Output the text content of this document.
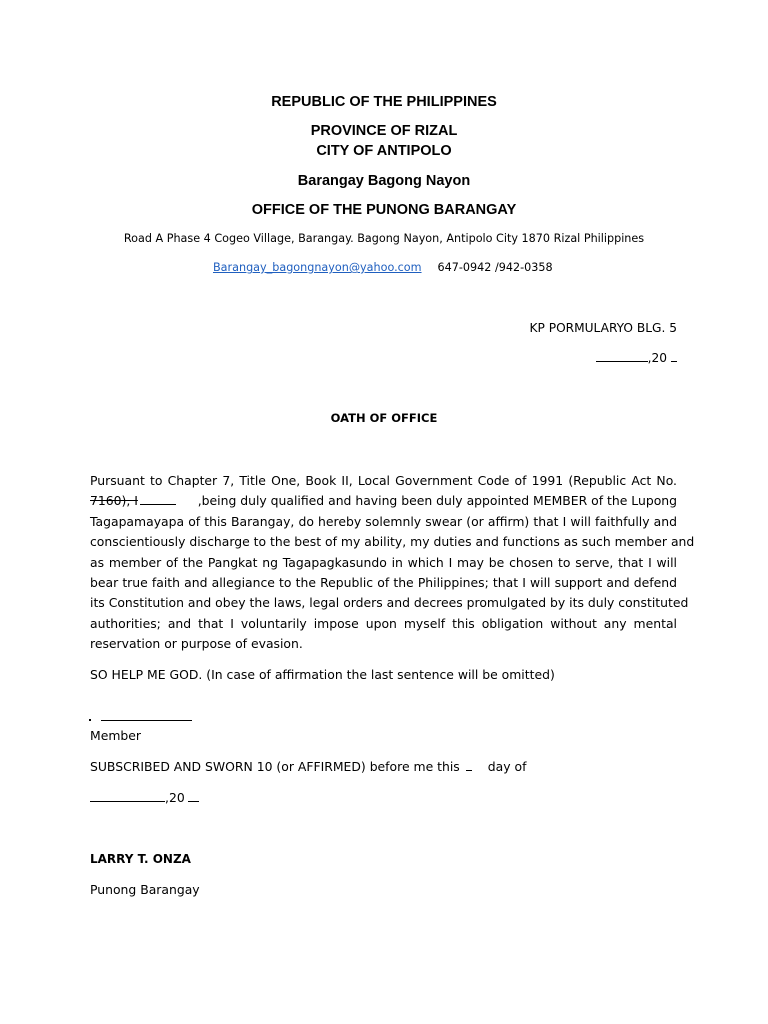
REPUBLIC OF THE PHILIPPINES
PROVINCE OF RIZAL
CITY OF ANTIPOLO
Barangay Bagong Nayon
OFFICE OF THE PUNONG BARANGAY
Road A Phase 4 Cogeo Village, Barangay. Bagong Nayon, Antipolo City 1870 Rizal Philippines
Barangay_bagongnayon@yahoo.com 647-0942 /942-0358
KP PORMULARYO BLG. 5
,20
OATH OF OFFICE
Pursuant to Chapter 7, Title One, Book II, Local Government Code of 1991 (Republic Act No.
7160), I	,being duly qualified and having been duly appointed MEMBER of the Lupong
Tagapamayapa of this Barangay, do hereby solemnly swear (or affirm) that I will faithfully and
conscientiously discharge to the best of my ability, my duties and functions as such member and
as member of the Pangkat ng Tagapagkasundo in which I may be chosen to serve, that I will
bear true faith and allegiance to the Republic of the Philippines; that I will support and defend
its Constitution and obey the laws, legal orders and decrees promulgated by its duly constituted
authorities; and that I voluntarily impose upon myself this obligation without any mental
reservation or purpose of evasion.
SO HELP ME GOD. (In case of affirmation the last sentence will be omitted)
Member
SUBSCRIBED AND SWORN 10 (or AFFIRMED) before me this day of
,20
LARRY T. ONZA
Punong Barangay
